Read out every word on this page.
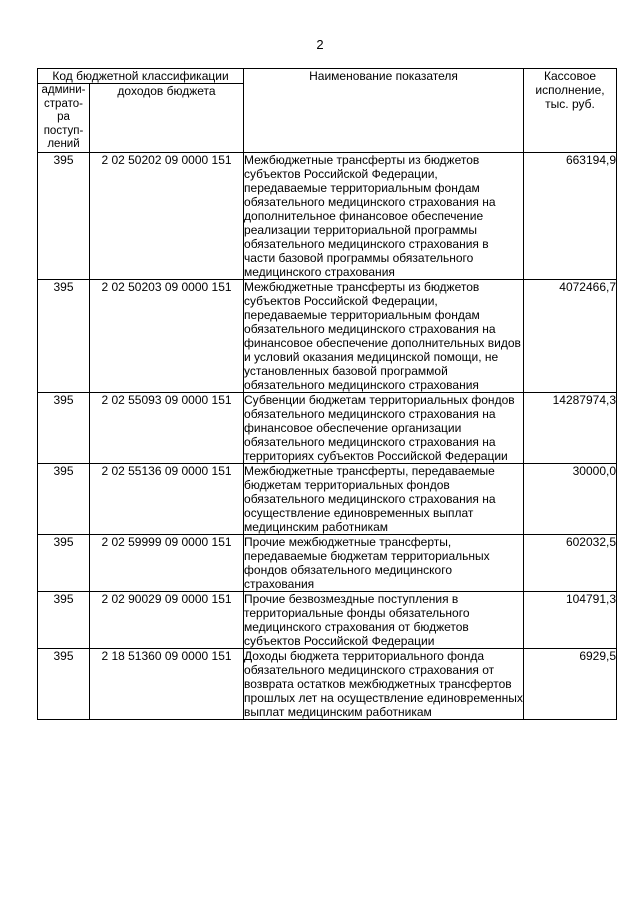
2
Код бюджетной классификации		Наименование показателя	Кассовое
исполнение,
тыс. руб.
админи-
страто-
ра
поступ-
лений	доходов бюджета		
395	2 02 50202 09 0000 151	Межбюджетные трансферты из бюджетов субъектов Российской Федерации, передаваемые территориальным фондам обязательного медицинского страхования на дополнительное финансовое обеспечение реализации территориальной программы обязательного медицинского страхования в части базовой программы обязательного медицинского страхования	663194,9
395	2 02 50203 09 0000 151	Межбюджетные трансферты из бюджетов субъектов Российской Федерации, передаваемые территориальным фондам обязательного медицинского страхования на финансовое обеспечение дополнительных видов и условий оказания медицинской помощи, не установленных базовой программой обязательного медицинского страхования	4072466,7
395	2 02 55093 09 0000 151	Субвенции бюджетам территориальных фондов обязательного медицинского страхования на финансовое обеспечение организации обязательного медицинского страхования на территориях субъектов Российской Федерации	14287974,3
395	2 02 55136 09 0000 151	Межбюджетные трансферты, передаваемые бюджетам территориальных фондов обязательного медицинского страхования на осуществление единовременных выплат медицинским работникам	30000,0
395	2 02 59999 09 0000 151	Прочие межбюджетные трансферты, передаваемые бюджетам территориальных фондов обязательного медицинского страхования	602032,5
395	2 02 90029 09 0000 151	Прочие безвозмездные поступления в территориальные фонды обязательного медицинского страхования от бюджетов субъектов Российской Федерации	104791,3
395	2 18 51360 09 0000 151	Доходы бюджета территориального фонда обязательного медицинского страхования от возврата остатков межбюджетных трансфертов прошлых лет на осуществление единовременных выплат медицинским работникам	6929,5
